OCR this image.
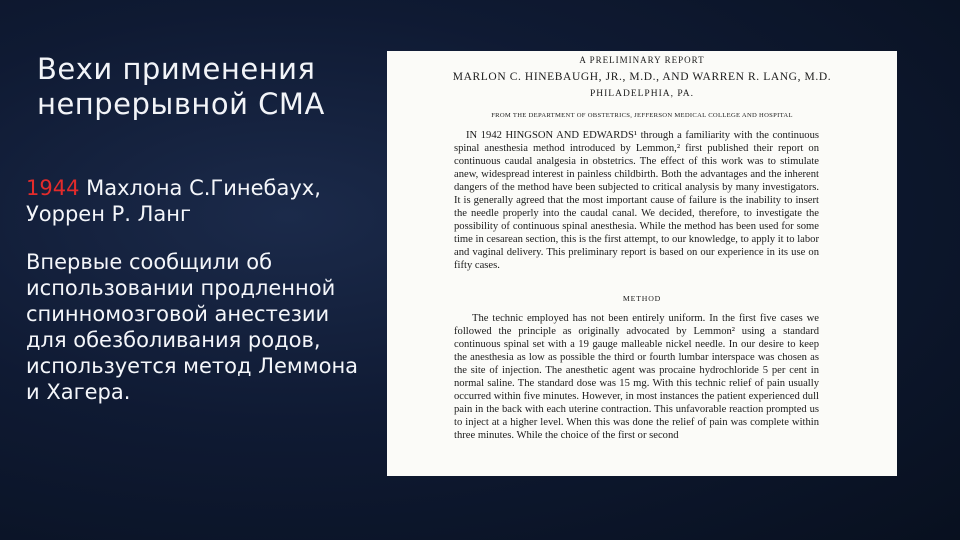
Вехи применения непрерывной СМА

1944 Махлона С.Гинебаух, Уоррен Р. Ланг

Впервые сообщили об использовании продленной спинномозговой анестезии для обезболивания родов, используется метод Леммона и Хагера.

A PRELIMINARY REPORT
MARLON C. HINEBAUGH, JR., M.D., AND WARREN R. LANG, M.D.
PHILADELPHIA, PA.
FROM THE DEPARTMENT OF OBSTETRICS, JEFFERSON MEDICAL COLLEGE AND HOSPITAL

IN 1942 HINGSON AND EDWARDS¹ through a familiarity with the continuous spinal anesthesia method introduced by Lemmon,² first published their report on continuous caudal analgesia in obstetrics. The effect of this work was to stimulate anew, widespread interest in painless childbirth. Both the advantages and the inherent dangers of the method have been subjected to critical analysis by many investigators. It is generally agreed that the most important cause of failure is the inability to insert the needle properly into the caudal canal. We decided, therefore, to investigate the possibility of continuous spinal anesthesia. While the method has been used for some time in cesarean section, this is the first attempt, to our knowledge, to apply it to labor and vaginal delivery. This preliminary report is based on our experience in its use on fifty cases.

METHOD

The technic employed has not been entirely uniform. In the first five cases we followed the principle as originally advocated by Lemmon² using a standard continuous spinal set with a 19 gauge malleable nickel needle. In our desire to keep the anesthesia as low as possible the third or fourth lumbar interspace was chosen as the site of injection. The anesthetic agent was procaine hydrochloride 5 per cent in normal saline. The standard dose was 15 mg. With this technic relief of pain usually occurred within five minutes. However, in most instances the patient experienced dull pain in the back with each uterine contraction. This unfavorable reaction prompted us to inject at a higher level. When this was done the relief of pain was complete within three minutes. While the choice of the first or second
